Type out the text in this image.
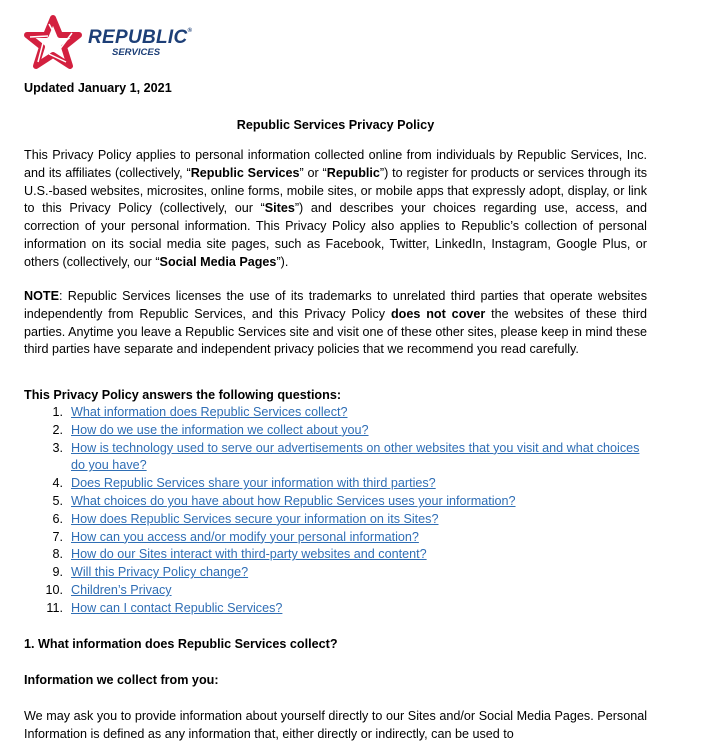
REPUBLIC®
SERVICES
Updated January 1, 2021
Republic Services Privacy Policy
This Privacy Policy applies to personal information collected online from individuals by Republic Services, Inc. and its affiliates (collectively, “Republic Services” or “Republic”) to register for products or services through its U.S.-based websites, microsites, online forms, mobile sites, or mobile apps that expressly adopt, display, or link to this Privacy Policy (collectively, our “Sites”) and describes your choices regarding use, access, and correction of your personal information. This Privacy Policy also applies to Republic’s collection of personal information on its social media site pages, such as Facebook, Twitter, LinkedIn, Instagram, Google Plus, or others (collectively, our “Social Media Pages”).
NOTE: Republic Services licenses the use of its trademarks to unrelated third parties that operate websites independently from Republic Services, and this Privacy Policy does not cover the websites of these third parties. Anytime you leave a Republic Services site and visit one of these other sites, please keep in mind these third parties have separate and independent privacy policies that we recommend you read carefully.
This Privacy Policy answers the following questions:
1. What information does Republic Services collect?
2. How do we use the information we collect about you?
3. How is technology used to serve our advertisements on other websites that you visit and what choices do you have?
4. Does Republic Services share your information with third parties?
5. What choices do you have about how Republic Services uses your information?
6. How does Republic Services secure your information on its Sites?
7. How can you access and/or modify your personal information?
8. How do our Sites interact with third-party websites and content?
9. Will this Privacy Policy change?
10. Children’s Privacy
11. How can I contact Republic Services?
1. What information does Republic Services collect?
Information we collect from you:
We may ask you to provide information about yourself directly to our Sites and/or Social Media Pages. Personal Information is defined as any information that, either directly or indirectly, can be used to
